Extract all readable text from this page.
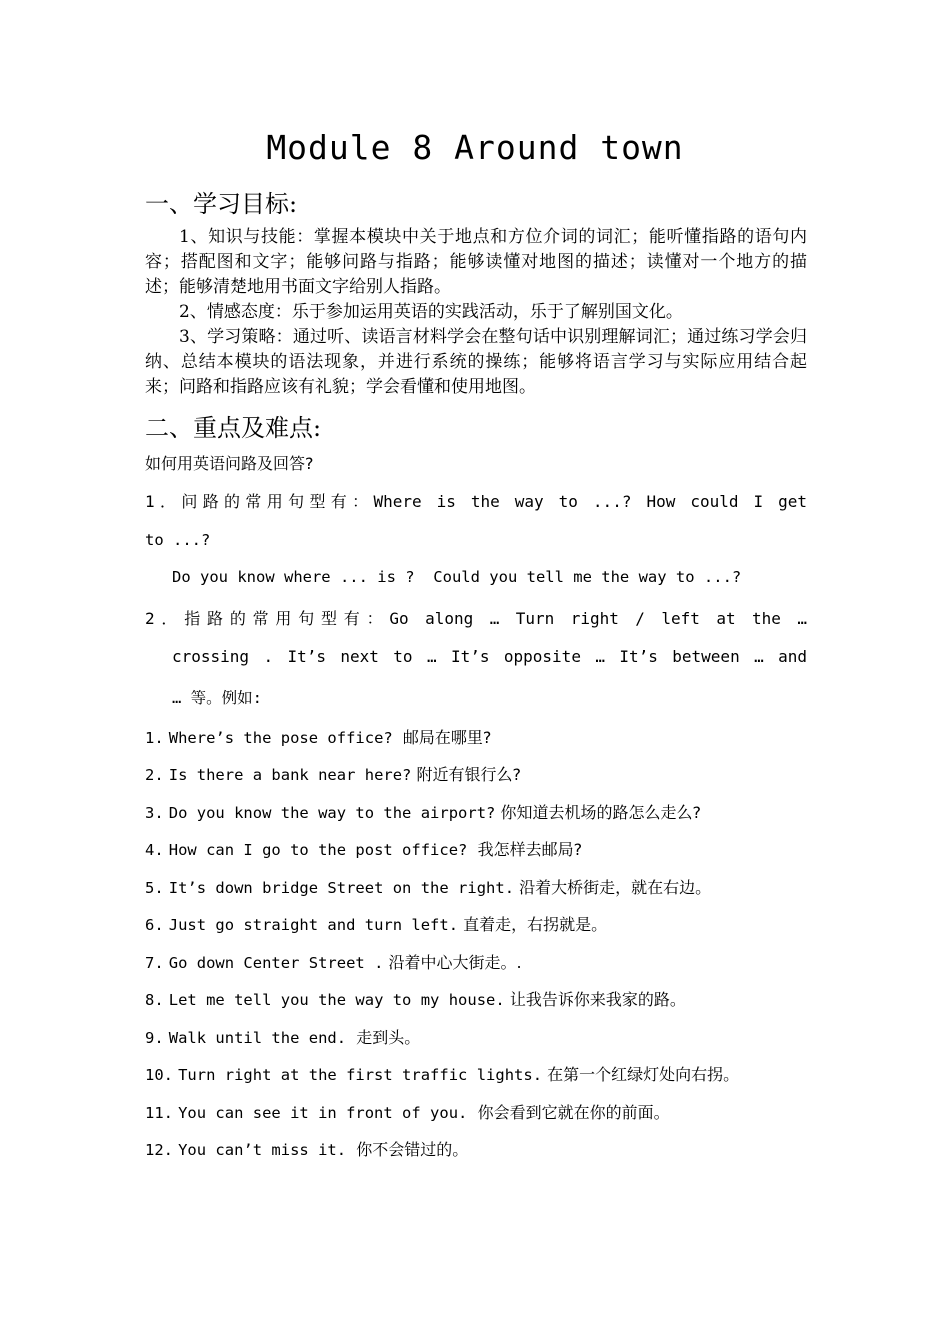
Module 8 Around town
一、学习目标:

1、知识与技能：掌握本模块中关于地点和方位介词的词汇；能听懂指路的语句内容；搭配图和文字；能够问路与指路；能够读懂对地图的描述；读懂对一个地方的描述；能够清楚地用书面文字给别人指路。

2、情感态度：乐于参加运用英语的实践活动，乐于了解别国文化。

3、学习策略：通过听、读语言材料学会在整句话中识别理解词汇；通过练习学会归纳、总结本模块的语法现象，并进行系统的操练；能够将语言学习与实际应用结合起来；问路和指路应该有礼貌；学会看懂和使用地图。

二、重点及难点:

如何用英语问路及回答?

1．问路的常用句型有：Where is the way to ...? How could I get

to ...?

Do you know where ... is ?  Could you tell me the way to ...?

2．指路的常用句型有：Go along … Turn right / left at the …

crossing . It’s next to … It’s opposite … It’s between … and

… 等。例如:

1. Where’s the pose office? 邮局在哪里?

2. Is there a bank near here? 附近有银行么?

3. Do you know the way to the airport? 你知道去机场的路怎么走么?

4. How can I go to the post office? 我怎样去邮局?

5. It’s down bridge Street on the right. 沿着大桥街走，就在右边。

6. Just go straight and turn left. 直着走，右拐就是。

7. Go down Center Street . 沿着中心大街走。.

8. Let me tell you the way to my house. 让我告诉你来我家的路。

9. Walk until the end. 走到头。

10. Turn right at the first traffic lights. 在第一个红绿灯处向右拐。

11. You can see it in front of you. 你会看到它就在你的前面。

12. You can’t miss it. 你不会错过的。
